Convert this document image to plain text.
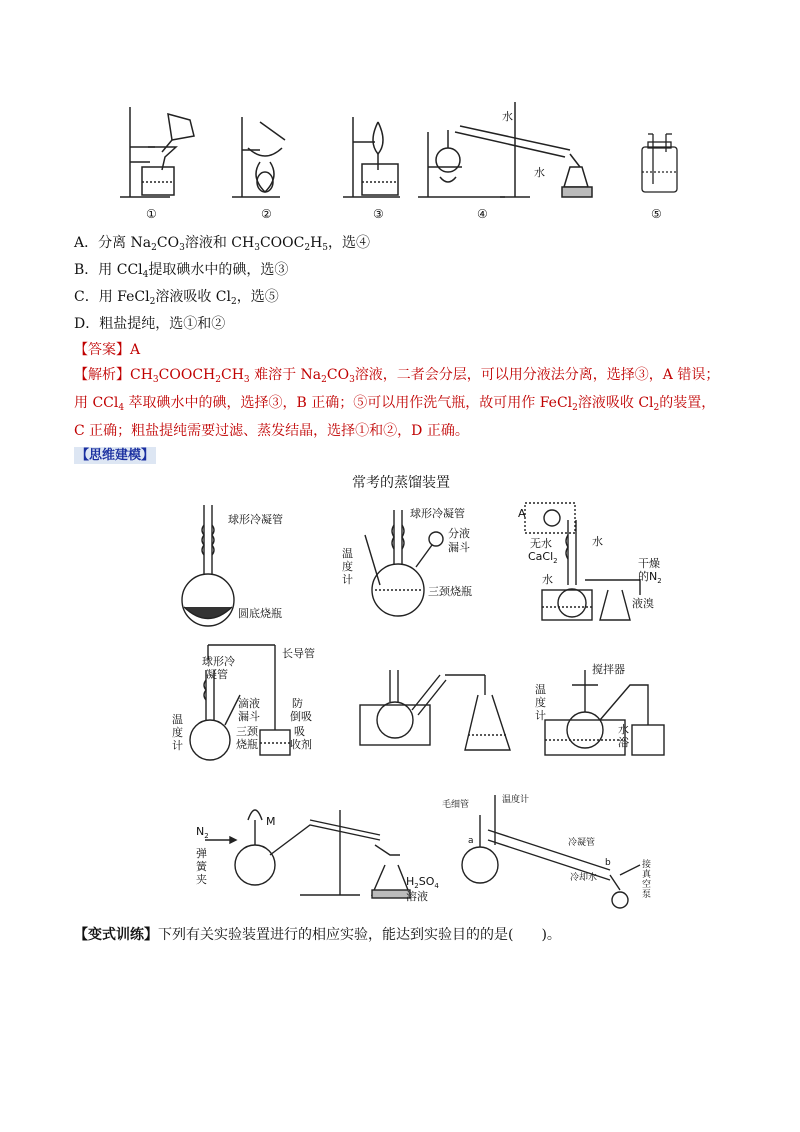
水
水
①	②	③	④	⑤
A．分离 $Na_2CO_3$溶液和 $CH_3COOC_2H_5$，选④
B．用 CCl$_4$提取碘水中的碘，选③
C．用 FeCl$_2$溶液吸收 $Cl_2$，选⑤
D．粗盐提纯，选①和②
【答案】A
【解析】$CH_3COOCH_2CH_3$ 难溶于 $Na_2CO_3$溶液，二者会分层，可以用分液法分离，选择③，A 错误；用 CCl$_4$ 萃取碘水中的碘，选择③，B 正确；⑤可以用作洗气瓶，故可用作 FeCl$_2$溶液吸收 $Cl_2$的装置，C 正确；粗盐提纯需要过滤、蒸发结晶，选择①和②，D 正确。
【思维建模】
常考的蒸馏装置
球形冷凝管
圆底烧瓶
球形冷凝管
分液
漏斗
温
度
计
三颈烧瓶
A
无水
CaCl$_2$
水
水
干燥
的$N_2$
液溴
球形冷
凝管
长导管
滴液
漏斗
三颈
烧瓶
防
倒吸
吸
收剂
温
度
计
搅拌器
温
度
计
水
浴
$N_2$
M
弹
簧
夹	$H_2SO_4$
溶液
毛细管	温度计
a	冷凝管
b
冷却水
接
真
空
泵
【变式训练】下列有关实验装置进行的相应实验，能达到实验目的的是(　　)。
